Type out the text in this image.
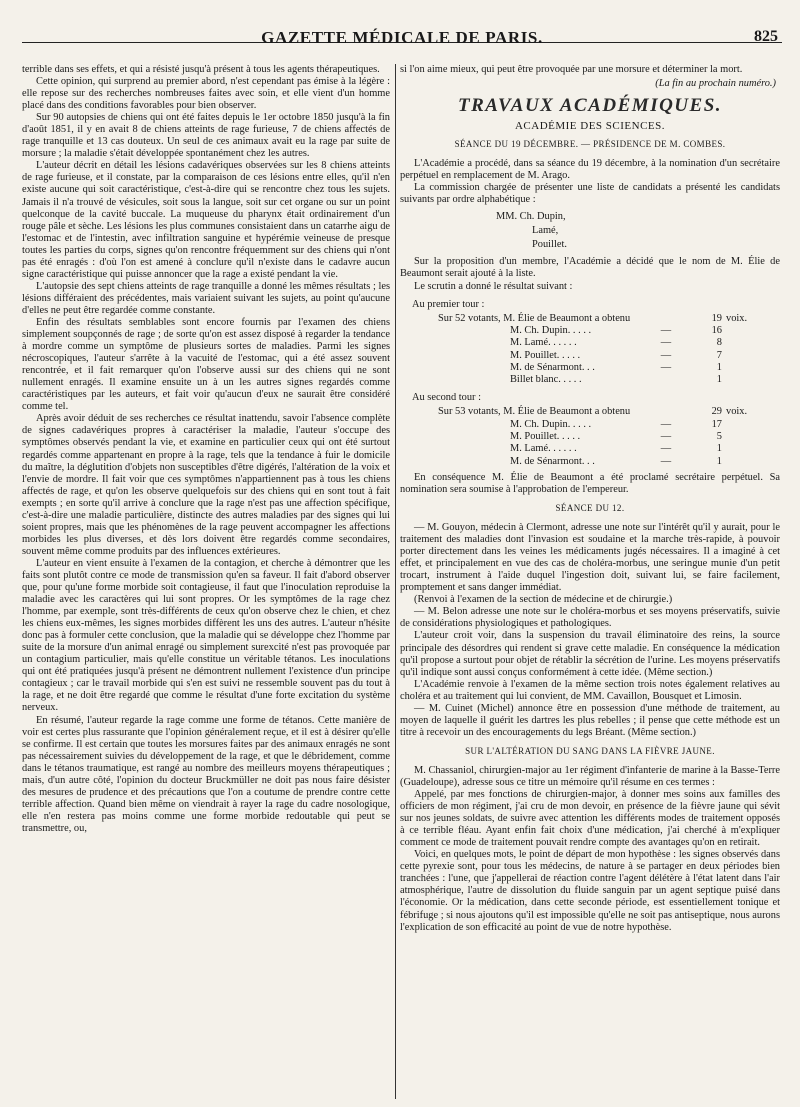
GAZETTE MÉDICALE DE PARIS.	825

terrible dans ses effets, et qui a résisté jusqu'à présent à tous les agents thérapeutiques.

Cette opinion, qui surprend au premier abord, n'est cependant pas émise à la légère : elle repose sur des recherches nombreuses faites avec soin, et elle vient d'un homme placé dans des conditions favorables pour bien observer.

Sur 90 autopsies de chiens qui ont été faites depuis le 1er octobre 1850 jusqu'à la fin d'août 1851, il y en avait 8 de chiens atteints de rage furieuse, 7 de chiens affectés de rage tranquille et 13 cas douteux. Un seul de ces animaux avait eu la rage par suite de morsure ; la maladie s'était développée spontanément chez les autres.

L'auteur décrit en détail les lésions cadavériques observées sur les 8 chiens atteints de rage furieuse, et il constate, par la comparaison de ces lésions entre elles, qu'il n'en existe aucune qui soit caractéristique, c'est-à-dire qui se rencontre chez tous les sujets. Jamais il n'a trouvé de vésicules, soit sous la langue, soit sur cet organe ou sur un point quelconque de la cavité buccale. La muqueuse du pharynx était ordinairement d'un rouge pâle et sèche. Les lésions les plus communes consistaient dans un catarrhe aigu de l'estomac et de l'intestin, avec infiltration sanguine et hypérémie veineuse de presque toutes les parties du corps, signes qu'on rencontre fréquemment sur des chiens qui n'ont pas été enragés : d'où l'on est amené à conclure qu'il n'existe dans le cadavre aucun signe caractéristique qui puisse annoncer que la rage a existé pendant la vie.

L'autopsie des sept chiens atteints de rage tranquille a donné les mêmes résultats ; les lésions différaient des précédentes, mais variaient suivant les sujets, au point qu'aucune d'elles ne peut être regardée comme constante.

Enfin des résultats semblables sont encore fournis par l'examen des chiens simplement soupçonnés de rage ; de sorte qu'on est assez disposé à regarder la tendance à mordre comme un symptôme de plusieurs sortes de maladies. Parmi les signes nécroscopiques, l'auteur s'arrête à la vacuité de l'estomac, qui a été assez souvent rencontrée, et il fait remarquer qu'on l'observe aussi sur des chiens qui ne sont nullement enragés. Il examine ensuite un à un les autres signes regardés comme caractéristiques par les auteurs, et fait voir qu'aucun d'eux ne saurait être considéré comme tel.

Après avoir déduit de ses recherches ce résultat inattendu, savoir l'absence complète de signes cadavériques propres à caractériser la maladie, l'auteur s'occupe des symptômes observés pendant la vie, et examine en particulier ceux qui ont été surtout regardés comme appartenant en propre à la rage, tels que la tendance à fuir le domicile du maître, la déglutition d'objets non susceptibles d'être digérés, l'altération de la voix et l'envie de mordre. Il fait voir que ces symptômes n'appartiennent pas à tous les chiens affectés de rage, et qu'on les observe quelquefois sur des chiens qui en sont tout à fait exempts ; en sorte qu'il arrive à conclure que la rage n'est pas une affection spécifique, c'est-à-dire une maladie particulière, distincte des autres maladies par des signes qui lui soient propres, mais que les phénomènes de la rage peuvent accompagner les affections morbides les plus diverses, et dès lors doivent être regardés comme secondaires, souvent même comme produits par des influences extérieures.

L'auteur en vient ensuite à l'examen de la contagion, et cherche à démontrer que les faits sont plutôt contre ce mode de transmission qu'en sa faveur. Il fait d'abord observer que, pour qu'une forme morbide soit contagieuse, il faut que l'inoculation reproduise la maladie avec les caractères qui lui sont propres. Or les symptômes de la rage chez l'homme, par exemple, sont très-différents de ceux qu'on observe chez le chien, et chez les chiens eux-mêmes, les signes morbides diffèrent les uns des autres. L'auteur n'hésite donc pas à formuler cette conclusion, que la maladie qui se développe chez l'homme par suite de la morsure d'un animal enragé ou simplement surexcité n'est pas provoquée par un contagium particulier, mais qu'elle constitue un véritable tétanos. Les inoculations qui ont été pratiquées jusqu'à présent ne démontrent nullement l'existence d'un principe contagieux ; car le travail morbide qui s'en est suivi ne ressemble souvent pas du tout à la rage, et ne doit être regardé que comme le résultat d'une forte excitation du système nerveux.

En résumé, l'auteur regarde la rage comme une forme de tétanos. Cette manière de voir est certes plus rassurante que l'opinion généralement reçue, et il est à désirer qu'elle se confirme. Il est certain que toutes les morsures faites par des animaux enragés ne sont pas nécessairement suivies du développement de la rage, et que le débridement, comme dans le tétanos traumatique, est rangé au nombre des meilleurs moyens thérapeutiques ; mais, d'un autre côté, l'opinion du docteur Bruckmüller ne doit pas nous faire désister des mesures de prudence et des précautions que l'on a coutume de prendre contre cette terrible affection. Quand bien même on viendrait à rayer la rage du cadre nosologique, elle n'en restera pas moins comme une forme morbide redoutable qui peut se transmettre, ou,

si l'on aime mieux, qui peut être provoquée par une morsure et déterminer la mort.

(La fin au prochain numéro.)
TRAVAUX ACADÉMIQUES.
ACADÉMIE DES SCIENCES.
SÉANCE DU 19 DÉCEMBRE. — PRÉSIDENCE DE M. COMBES.

L'Académie a procédé, dans sa séance du 19 décembre, à la nomination d'un secrétaire perpétuel en remplacement de M. Arago.

La commission chargée de présenter une liste de candidats a présenté les candidats suivants par ordre alphabétique :

MM. Ch. Dupin,
Lamé,
Pouillet.

Sur la proposition d'un membre, l'Académie a décidé que le nom de M. Élie de Beaumont serait ajouté à la liste.

Le scrutin a donné le résultat suivant :

Au premier tour :
Sur 52 votants, M. Élie de Beaumont a obtenu		19	voix.
M. Ch. Dupin. . . . .	—	16	
M. Lamé. . . . . .	—	8	
M. Pouillet. . . . .	—	7	
M. de Sénarmont. . .	—	1	
Billet blanc. . . . .		1	
Au second tour :
Sur 53 votants, M. Élie de Beaumont a obtenu		29	voix.
M. Ch. Dupin. . . . .	—	17	
M. Pouillet. . . . .	—	5	
M. Lamé. . . . . .	—	1	
M. de Sénarmont. . .	—	1	

En conséquence M. Élie de Beaumont a été proclamé secrétaire perpétuel. Sa nomination sera soumise à l'approbation de l'empereur.

SÉANCE DU 12.

— M. Gouyon, médecin à Clermont, adresse une note sur l'intérêt qu'il y aurait, pour le traitement des maladies dont l'invasion est soudaine et la marche très-rapide, à pouvoir porter directement dans les veines les médicaments jugés nécessaires. Il a imaginé à cet effet, et principalement en vue des cas de choléra-morbus, une seringue munie d'un petit trocart, instrument à l'aide duquel l'ingestion doit, suivant lui, se faire facilement, promptement et sans danger immédiat.

(Renvoi à l'examen de la section de médecine et de chirurgie.)

— M. Belon adresse une note sur le choléra-morbus et ses moyens préservatifs, suivie de considérations physiologiques et pathologiques.

L'auteur croit voir, dans la suspension du travail éliminatoire des reins, la source principale des désordres qui rendent si grave cette maladie. En conséquence la médication qu'il propose a surtout pour objet de rétablir la sécrétion de l'urine. Les moyens préservatifs qu'il indique sont aussi conçus conformément à cette idée. (Même section.)

L'Académie renvoie à l'examen de la même section trois notes également relatives au choléra et au traitement qui lui convient, de MM. Cavaillon, Bousquet et Limosin.

— M. Cuinet (Michel) annonce être en possession d'une méthode de traitement, au moyen de laquelle il guérit les dartres les plus rebelles ; il pense que cette méthode est un titre à recevoir un des encouragements du legs Bréant. (Même section.)

SUR L'ALTÉRATION DU SANG DANS LA FIÈVRE JAUNE.

M. Chassaniol, chirurgien-major au 1er régiment d'infanterie de marine à la Basse-Terre (Guadeloupe), adresse sous ce titre un mémoire qu'il résume en ces termes :

Appelé, par mes fonctions de chirurgien-major, à donner mes soins aux familles des officiers de mon régiment, j'ai cru de mon devoir, en présence de la fièvre jaune qui sévit sur nos jeunes soldats, de suivre avec attention les différents modes de traitement opposés à ce terrible fléau. Ayant enfin fait choix d'une médication, j'ai cherché à m'expliquer comment ce mode de traitement pouvait rendre compte des avantages qu'on en retirait.

Voici, en quelques mots, le point de départ de mon hypothèse : les signes observés dans cette pyrexie sont, pour tous les médecins, de nature à se partager en deux périodes bien tranchées : l'une, que j'appellerai de réaction contre l'agent délétère à l'état latent dans l'air atmosphérique, l'autre de dissolution du fluide sanguin par un agent septique puisé dans l'économie. Or la médication, dans cette seconde période, est essentiellement tonique et fébrifuge ; si nous ajoutons qu'il est impossible qu'elle ne soit pas antiseptique, nous aurons l'explication de son efficacité au point de vue de notre hypothèse.
